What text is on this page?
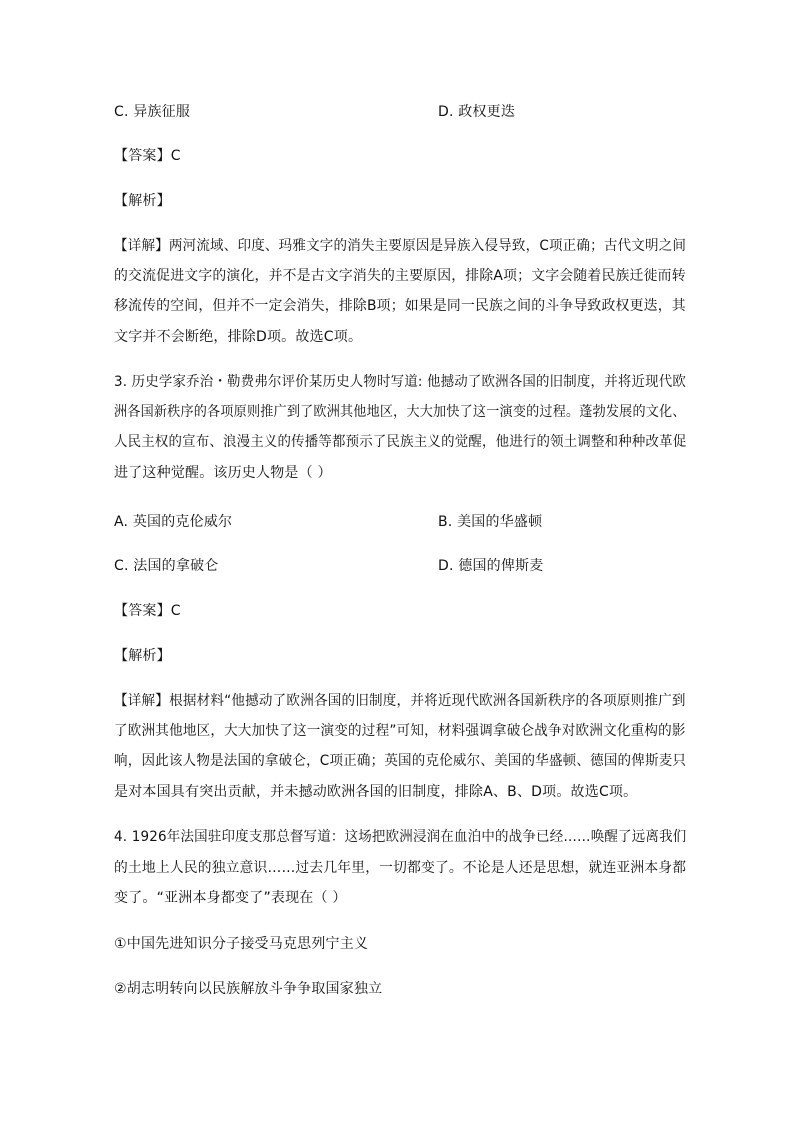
C. 异族征服	D. 政权更迭
【答案】C
【解析】
【详解】两河流域、印度、玛雅文字的消失主要原因是异族入侵导致，C项正确；古代文明之间
的交流促进文字的演化，并不是古文字消失的主要原因，排除A项；文字会随着民族迁徙而转
移流传的空间，但并不一定会消失，排除B项；如果是同一民族之间的斗争导致政权更迭，其
文字并不会断绝，排除D项。故选C项。
3. 历史学家乔治・勒费弗尔评价某历史人物时写道: 他撼动了欧洲各国的旧制度，并将近现代欧
洲各国新秩序的各项原则推广到了欧洲其他地区，大大加快了这一演变的过程。蓬勃发展的文化、
人民主权的宣布、浪漫主义的传播等都预示了民族主义的觉醒，他进行的领土调整和种种改革促
进了这种觉醒。该历史人物是（ ）
A. 英国的克伦威尔	B. 美国的华盛顿
C. 法国的拿破仑	D. 德国的俾斯麦
【答案】C
【解析】
【详解】根据材料“他撼动了欧洲各国的旧制度，并将近现代欧洲各国新秩序的各项原则推广到
了欧洲其他地区，大大加快了这一演变的过程”可知，材料强调拿破仑战争对欧洲文化重构的影
响，因此该人物是法国的拿破仑，C项正确；英国的克伦威尔、美国的华盛顿、德国的俾斯麦只
是对本国具有突出贡献，并未撼动欧洲各国的旧制度，排除A、B、D项。故选C项。
4. 1926年法国驻印度支那总督写道：这场把欧洲浸润在血泊中的战争已经……唤醒了远离我们
的土地上人民的独立意识……过去几年里，一切都变了。不论是人还是思想，就连亚洲本身都
变了。“亚洲本身都变了”表现在（ ）
①中国先进知识分子接受马克思列宁主义
②胡志明转向以民族解放斗争争取国家独立
